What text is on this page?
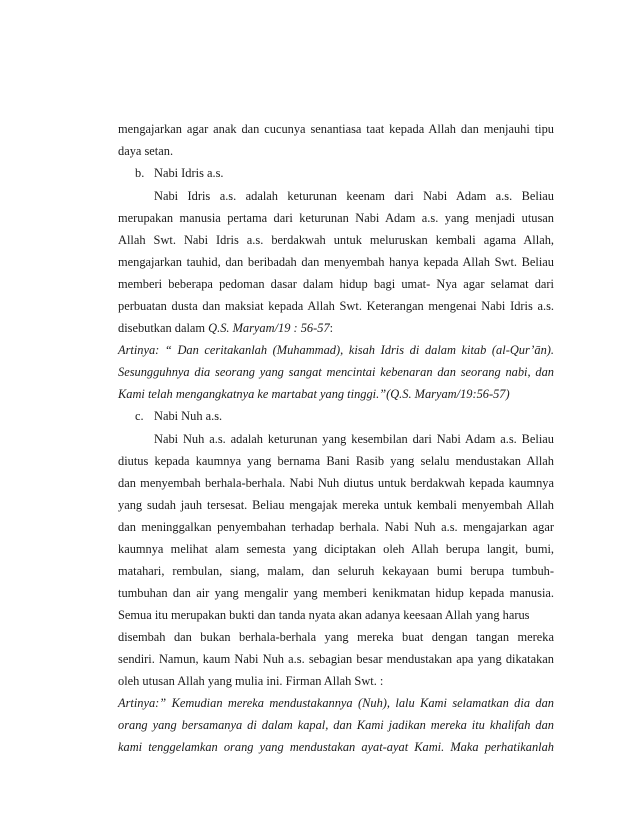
mengajarkan agar anak dan cucunya senantiasa taat kepada Allah dan menjauhi tipu
daya setan.
b. Nabi Idris a.s.
Nabi Idris a.s. adalah keturunan keenam dari Nabi Adam a.s. Beliau
merupakan manusia pertama dari keturunan Nabi Adam a.s. yang menjadi utusan
Allah Swt. Nabi Idris a.s. berdakwah untuk meluruskan kembali agama Allah,
mengajarkan tauhid, dan beribadah dan menyembah hanya kepada Allah Swt. Beliau
memberi beberapa pedoman dasar dalam hidup bagi umat- Nya agar selamat dari
perbuatan dusta dan maksiat kepada Allah Swt. Keterangan mengenai Nabi Idris a.s.
disebutkan dalam Q.S. Maryam/19 : 56-57:
Artinya: “ Dan ceritakanlah (Muhammad), kisah Idris di dalam kitab (al-Qur’ān).
Sesungguhnya dia seorang yang sangat mencintai kebenaran dan seorang nabi, dan
Kami telah mengangkatnya ke martabat yang tinggi.”(Q.S. Maryam/19:56-57)
c. Nabi Nuh a.s.
Nabi Nuh a.s. adalah keturunan yang kesembilan dari Nabi Adam a.s. Beliau
diutus kepada kaumnya yang bernama Bani Rasib yang selalu mendustakan Allah
dan menyembah berhala-berhala. Nabi Nuh diutus untuk berdakwah kepada kaumnya
yang sudah jauh tersesat. Beliau mengajak mereka untuk kembali menyembah Allah
dan meninggalkan penyembahan terhadap berhala. Nabi Nuh a.s. mengajarkan agar
kaumnya melihat alam semesta yang diciptakan oleh Allah berupa langit, bumi,
matahari, rembulan, siang, malam, dan seluruh kekayaan bumi berupa tumbuh-
tumbuhan dan air yang mengalir yang memberi kenikmatan hidup kepada manusia.
Semua itu merupakan bukti dan tanda nyata akan adanya keesaan Allah yang harus
disembah dan bukan berhala-berhala yang mereka buat dengan tangan mereka
sendiri. Namun, kaum Nabi Nuh a.s. sebagian besar mendustakan apa yang dikatakan
oleh utusan Allah yang mulia ini. Firman Allah Swt. :
Artinya:” Kemudian mereka mendustakannya (Nuh), lalu Kami selamatkan dia dan
orang yang bersamanya di dalam kapal, dan Kami jadikan mereka itu khalifah dan
kami tenggelamkan orang yang mendustakan ayat-ayat Kami. Maka perhatikanlah
